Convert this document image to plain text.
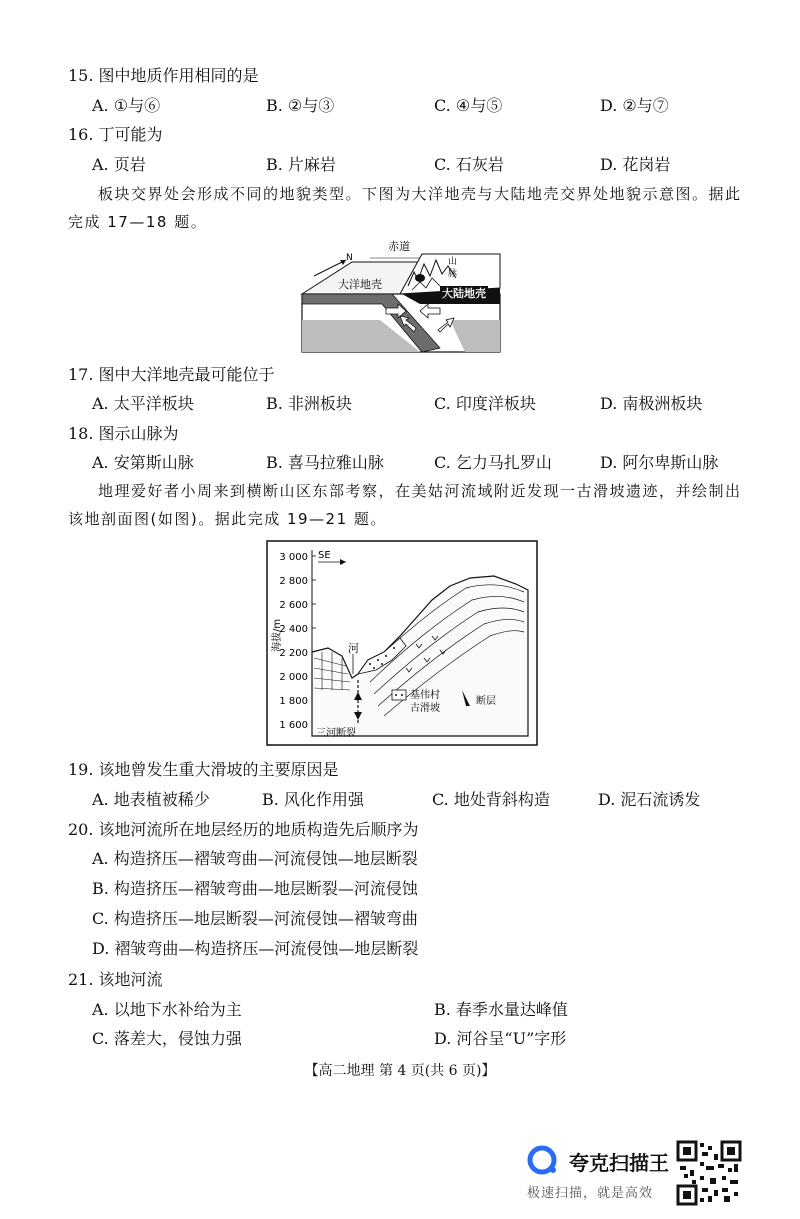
15. 图中地质作用相同的是
A. ①与⑥	B. ②与③	C. ④与⑤	D. ②与⑦
16. 丁可能为
A. 页岩	B. 片麻岩	C. 石灰岩	D. 花岗岩

板块交界处会形成不同的地貌类型。下图为大洋地壳与大陆地壳交界处地貌示意图。据此完成 17—18 题。

N
赤道
山
脉
大洋地壳
大陆地壳
17. 图中大洋地壳最可能位于
A. 太平洋板块	B. 非洲板块	C. 印度洋板块	D. 南极洲板块
18. 图示山脉为
A. 安第斯山脉	B. 喜马拉雅山脉	C. 乞力马扎罗山	D. 阿尔卑斯山脉

地理爱好者小周来到横断山区东部考察，在美姑河流域附近发现一古滑坡遗迹，并绘制出该地剖面图(如图)。据此完成 19—21 题。

3 000
2 800
2 600
2 400
2 200
2 000
1 800
1 600
海拔/m
SE
河
三河断裂
基伟村
古滑坡
断层
19. 该地曾发生重大滑坡的主要原因是
A. 地表植被稀少	B. 风化作用强	C. 地处背斜构造	D. 泥石流诱发
20. 该地河流所在地层经历的地质构造先后顺序为
A. 构造挤压—褶皱弯曲—河流侵蚀—地层断裂
B. 构造挤压—褶皱弯曲—地层断裂—河流侵蚀
C. 构造挤压—地层断裂—河流侵蚀—褶皱弯曲
D. 褶皱弯曲—构造挤压—河流侵蚀—地层断裂
21. 该地河流
A. 以地下水补给为主	B. 春季水量达峰值
C. 落差大，侵蚀力强	D. 河谷呈“U”字形
【高二地理 第 4 页(共 6 页)】
夸克扫描王
极速扫描，就是高效
